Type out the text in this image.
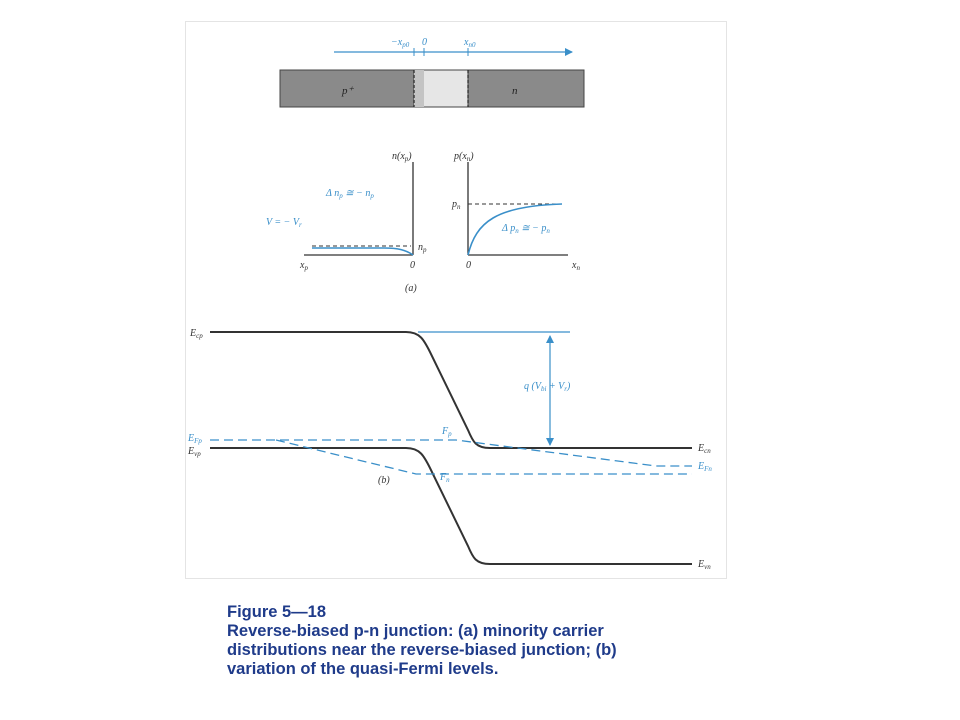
$-x_{p0}$ 0	$x_{n0}$
p⁺	n
$n(x_p)$
Δ $n_p$ ≅ − $n_p$
V = − $V_r$
$n_p$
$x_p$	0
$p(x_n)$
$p_n$
Δ $p_n$ ≅ − $p_n$
0	$x_n$
(a)
$E_{cp}$
$E_{Fp}$
$E_{vp}$
$F_p$
$F_n$
(b)
$E_{cn}$
$E_{Fn}$
$E_{vn}$
q $(V_{bi} + V_r)$
Figure 5—18
Reverse-biased p-n junction: (a) minority carrier
distributions near the reverse-biased junction; (b)
variation of the quasi-Fermi levels.
